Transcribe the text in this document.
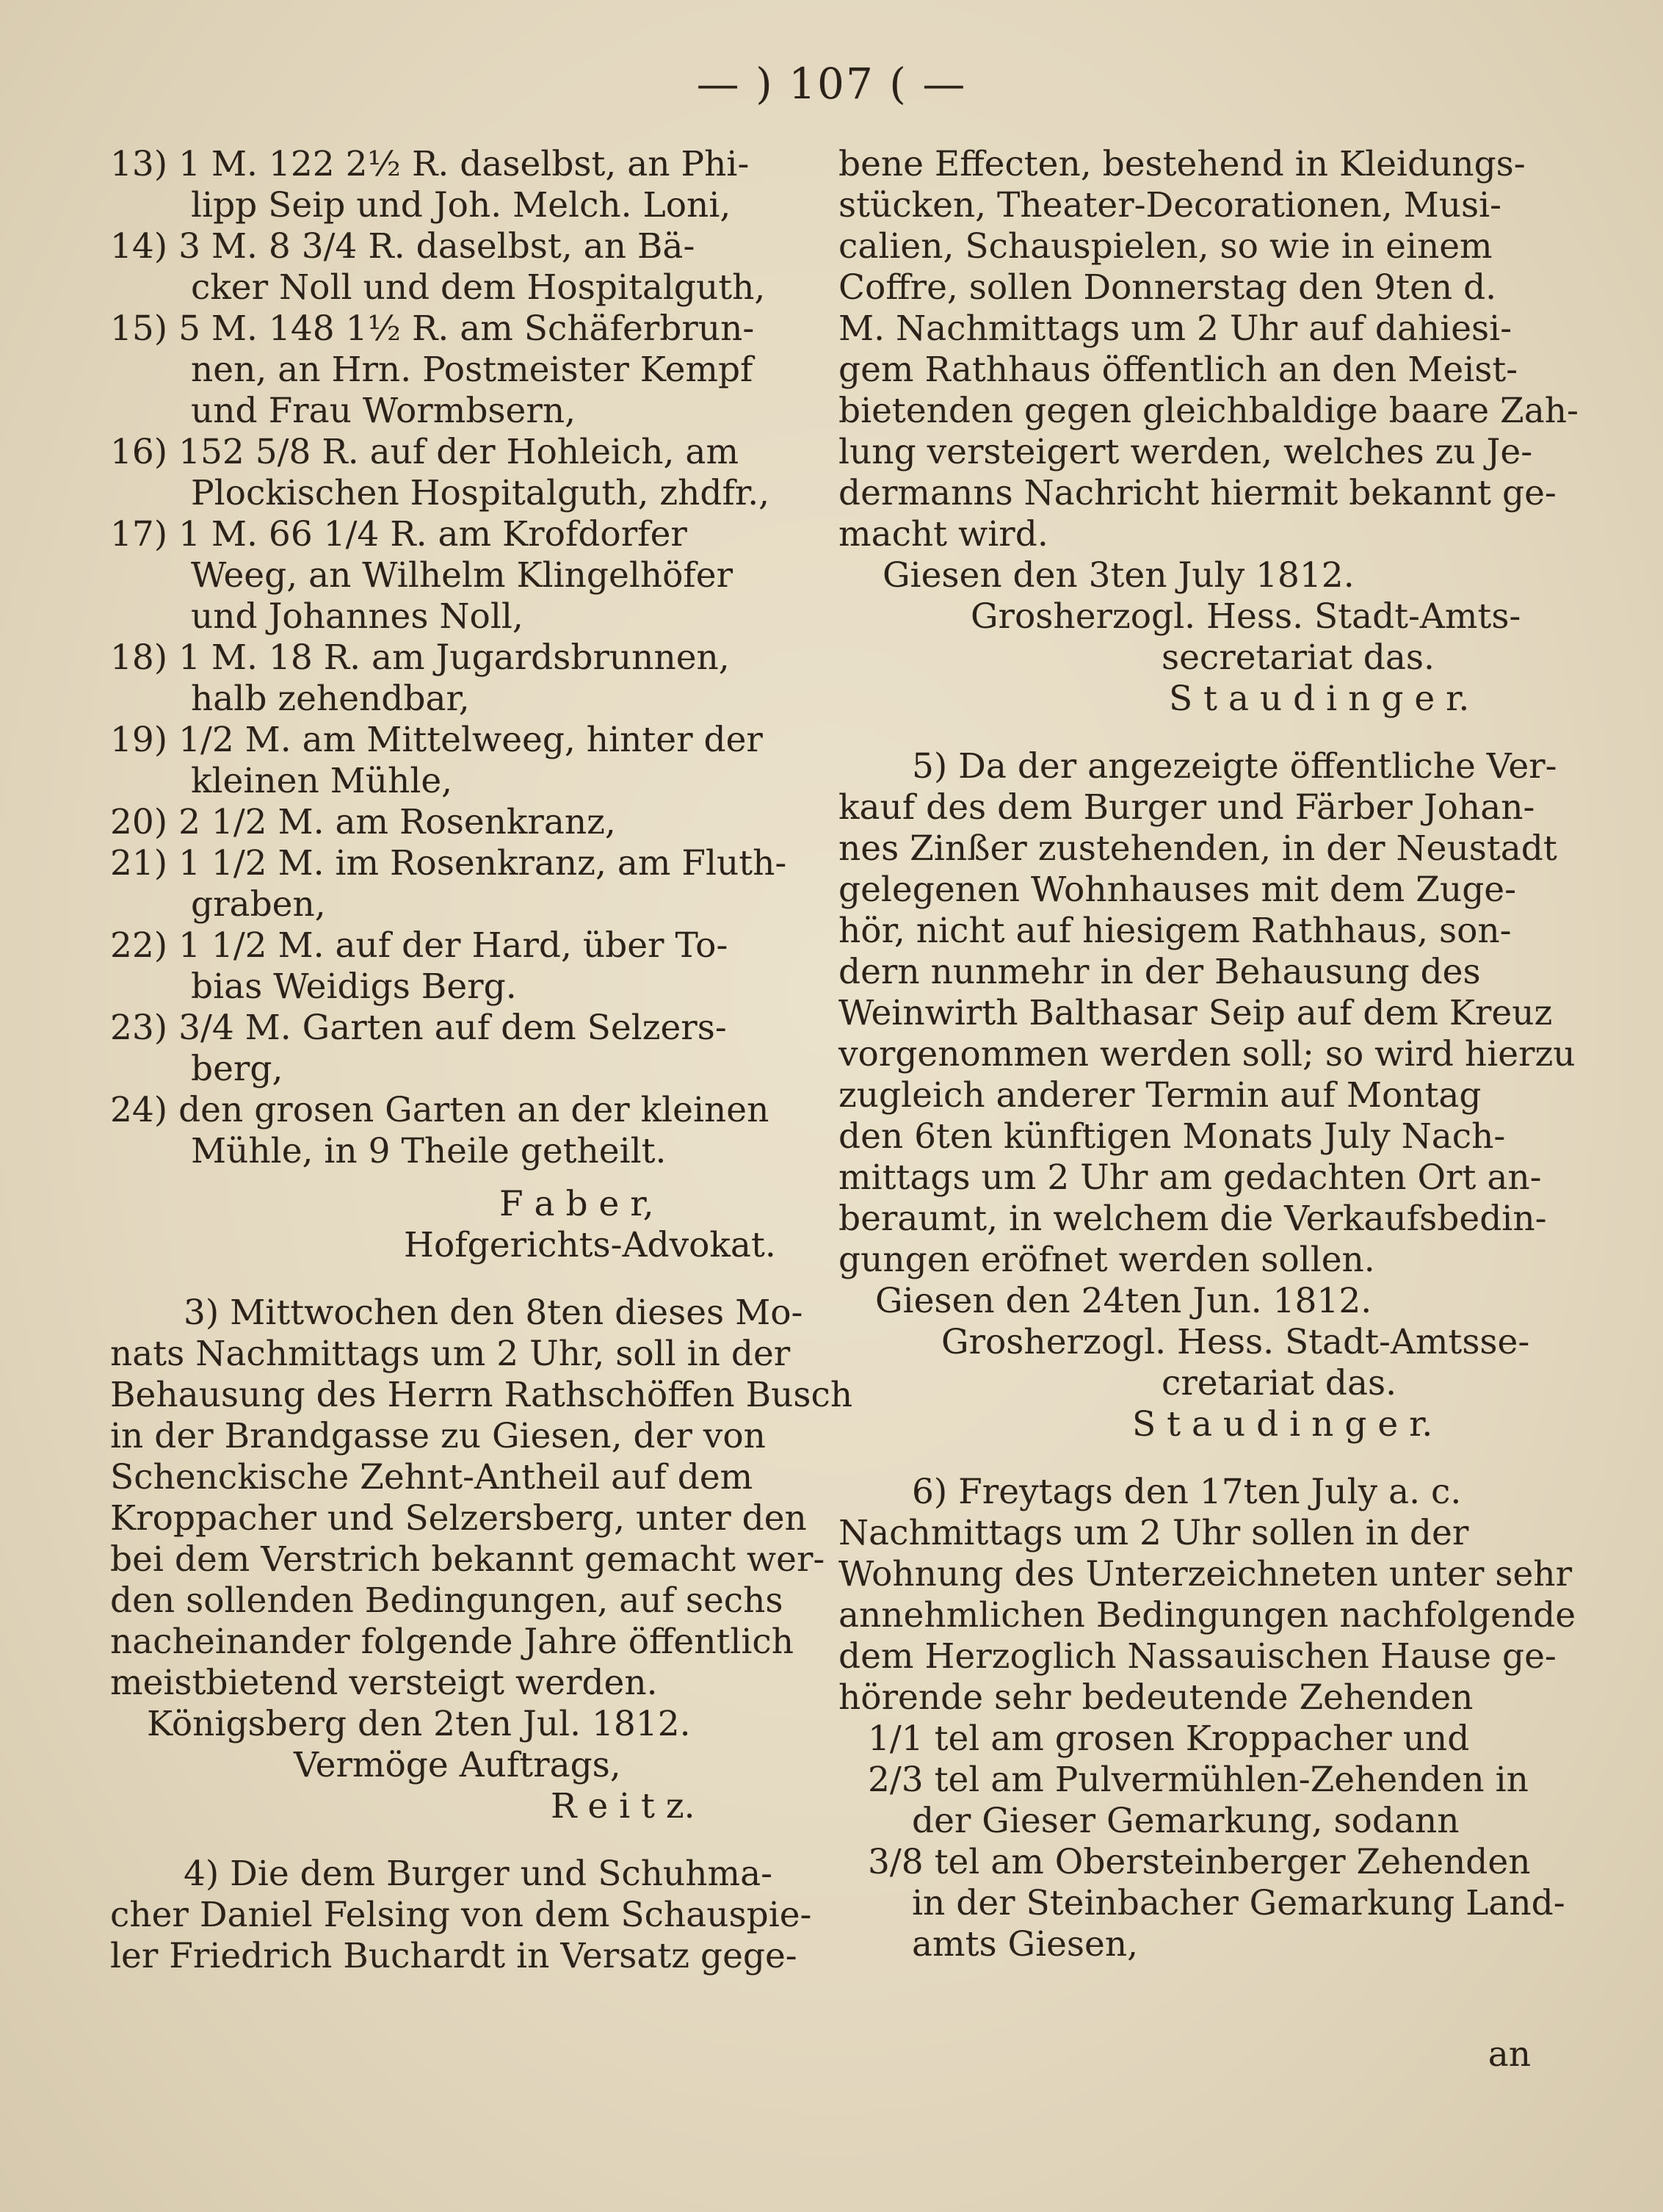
— ) 107 ( —

13) 1 M. 122 2½ R. daselbst, an Phi-

lipp Seip und Joh. Melch. Loni,

14) 3 M. 8 3/4 R. daselbst, an Bä-

cker Noll und dem Hospitalguth,

15) 5 M. 148 1½ R. am Schäferbrun-

nen, an Hrn. Postmeister Kempf

und Frau Wormbsern,

16) 152 5/8 R. auf der Hohleich, am

Plockischen Hospitalguth, zhdfr.,

17) 1 M. 66 1/4 R. am Krofdorfer

Weeg, an Wilhelm Klingelhöfer

und Johannes Noll,

18) 1 M. 18 R. am Jugardsbrunnen,

halb zehendbar,

19) 1/2 M. am Mittelweeg, hinter der

kleinen Mühle,

20) 2 1/2 M. am Rosenkranz,

21) 1 1/2 M. im Rosenkranz, am Fluth-

graben,

22) 1 1/2 M. auf der Hard, über To-

bias Weidigs Berg.

23) 3/4 M. Garten auf dem Selzers-

berg,

24) den grosen Garten an der kleinen

Mühle, in 9 Theile getheilt.

F a b e r,

Hofgerichts-Advokat.

3) Mittwochen den 8ten dieses Mo-

nats Nachmittags um 2 Uhr, soll in der

Behausung des Herrn Rathschöffen Busch

in der Brandgasse zu Giesen, der von

Schenckische Zehnt-Antheil auf dem

Kroppacher und Selzersberg, unter den

bei dem Verstrich bekannt gemacht wer-

den sollenden Bedingungen, auf sechs

nacheinander folgende Jahre öffentlich

meistbietend versteigt werden.

Königsberg den 2ten Jul. 1812.

Vermöge Auftrags,

R e i t z.

4) Die dem Burger und Schuhma-

cher Daniel Felsing von dem Schauspie-

ler Friedrich Buchardt in Versatz gege-

bene Effecten, bestehend in Kleidungs-

stücken, Theater-Decorationen, Musi-

calien, Schauspielen, so wie in einem

Coffre, sollen Donnerstag den 9ten d.

M. Nachmittags um 2 Uhr auf dahiesi-

gem Rathhaus öffentlich an den Meist-

bietenden gegen gleichbaldige baare Zah-

lung versteigert werden, welches zu Je-

dermanns Nachricht hiermit bekannt ge-

macht wird.

Giesen den 3ten July 1812.

Grosherzogl. Hess. Stadt-Amts-

secretariat das.

S t a u d i n g e r.

5) Da der angezeigte öffentliche Ver-

kauf des dem Burger und Färber Johan-

nes Zinßer zustehenden, in der Neustadt

gelegenen Wohnhauses mit dem Zuge-

hör, nicht auf hiesigem Rathhaus, son-

dern nunmehr in der Behausung des

Weinwirth Balthasar Seip auf dem Kreuz

vorgenommen werden soll; so wird hierzu

zugleich anderer Termin auf Montag

den 6ten künftigen Monats July Nach-

mittags um 2 Uhr am gedachten Ort an-

beraumt, in welchem die Verkaufsbedin-

gungen eröfnet werden sollen.

Giesen den 24ten Jun. 1812.

Grosherzogl. Hess. Stadt-Amtsse-

cretariat das.

S t a u d i n g e r.

6) Freytags den 17ten July a. c.

Nachmittags um 2 Uhr sollen in der

Wohnung des Unterzeichneten unter sehr

annehmlichen Bedingungen nachfolgende

dem Herzoglich Nassauischen Hause ge-

hörende sehr bedeutende Zehenden

1/1 tel am grosen Kroppacher und

2/3 tel am Pulvermühlen-Zehenden in

der Gieser Gemarkung, sodann

3/8 tel am Obersteinberger Zehenden

in der Steinbacher Gemarkung Land-

amts Giesen,

an
